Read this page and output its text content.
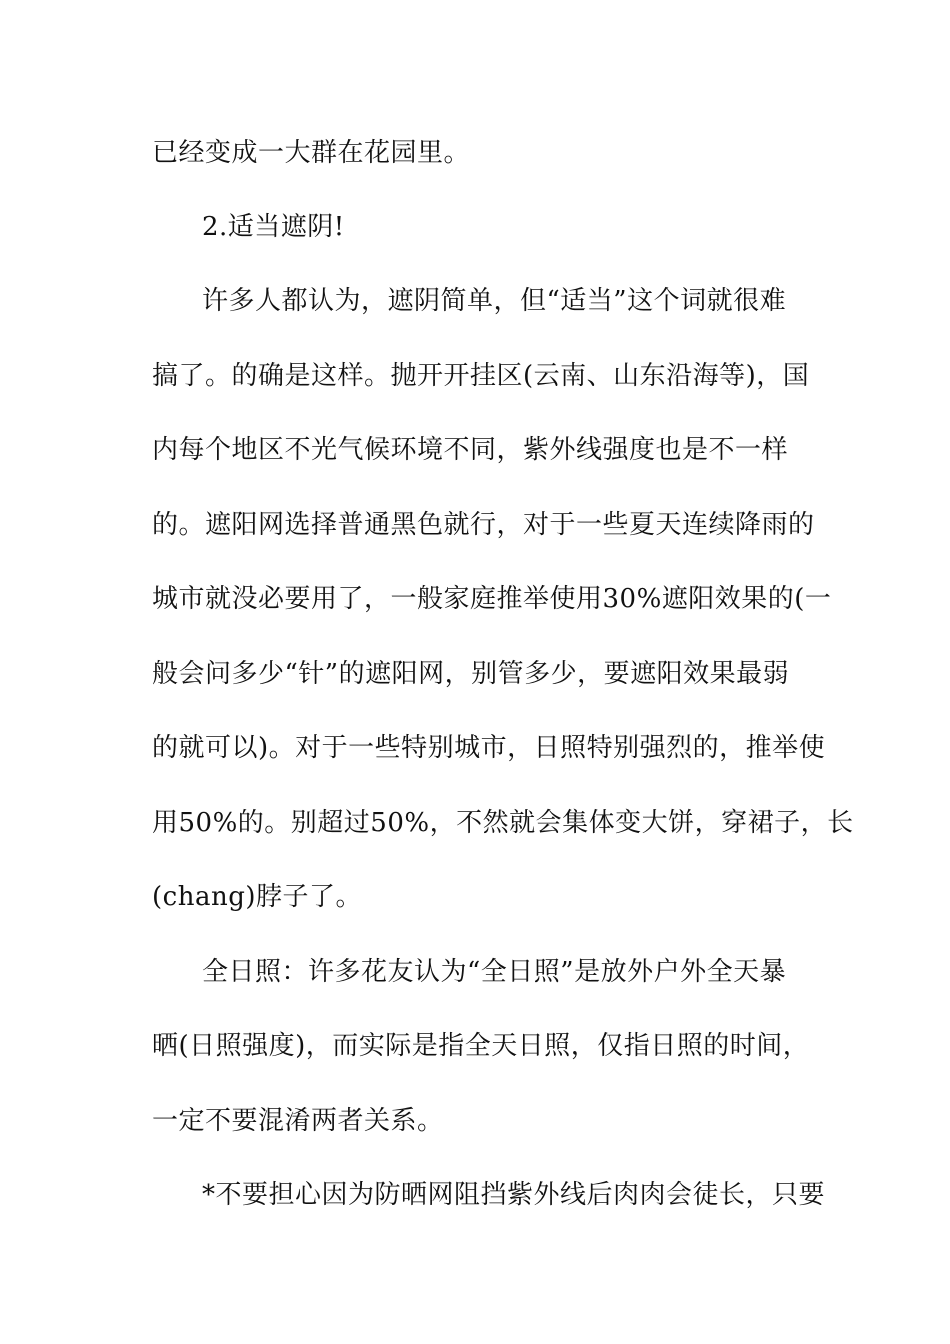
已经变成一大群在花园里。
2.适当遮阴!
许多人都认为，遮阴简单，但“适当”这个词就很难
搞了。的确是这样。抛开开挂区(云南、山东沿海等)，国
内每个地区不光气候环境不同，紫外线强度也是不一样
的。遮阳网选择普通黑色就行，对于一些夏天连续降雨的
城市就没必要用了，一般家庭推举使用30%遮阳效果的(一
般会问多少“针”的遮阳网，别管多少，要遮阳效果最弱
的就可以)。对于一些特别城市，日照特别强烈的，推举使
用50%的。别超过50%，不然就会集体变大饼，穿裙子，长
(chang)脖子了。
全日照：许多花友认为“全日照”是放外户外全天暴
晒(日照强度)，而实际是指全天日照，仅指日照的时间，
一定不要混淆两者关系。
*不要担心因为防晒网阻挡紫外线后肉肉会徒长，只要
